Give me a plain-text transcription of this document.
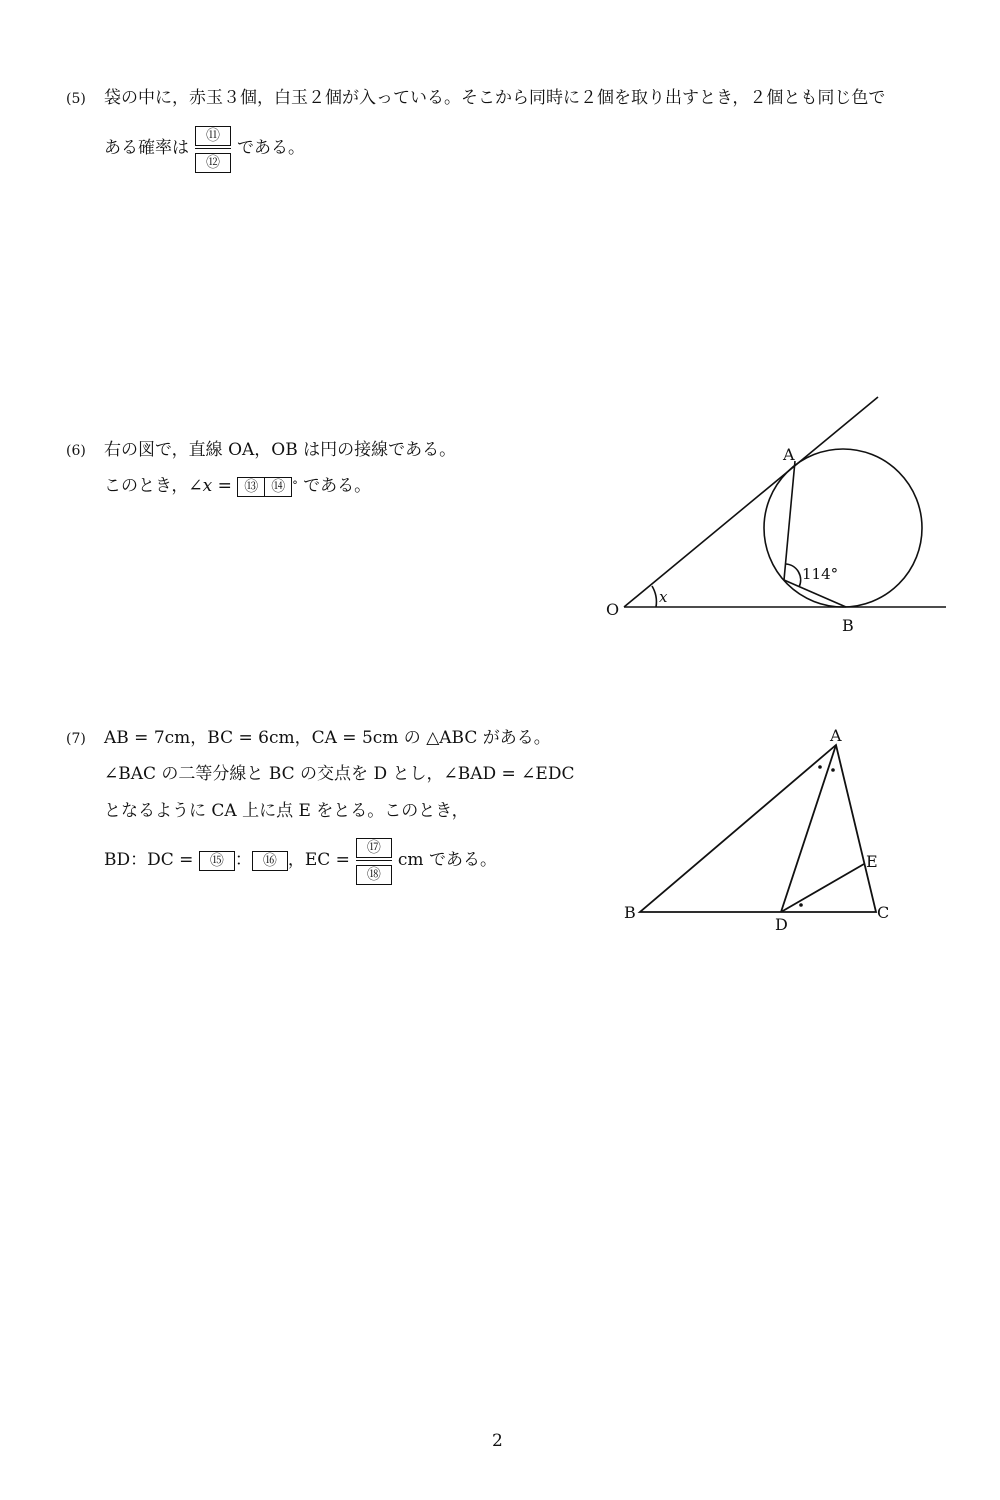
(5) 袋の中に，赤玉３個，白玉２個が入っている。そこから同時に２個を取り出すとき，２個とも同じ色で
ある確率は $\frac{\text{⑪}}{\text{⑫}}$ である。
(6) 右の図で，直線 OA，OB は円の接線である。
このとき，∠x = ⑬ ⑭ ° である。
A
B
O
x
114°
A
B	C
D
E
(7) AB = 7cm，BC = 6cm，CA = 5cm の △ABC がある。
∠BAC の二等分線と BC の交点を D とし，∠BAD = ∠EDC
となるように CA 上に点 E をとる。このとき，
BD：DC = ⑮ ： ⑯ ，EC = $\frac{\text{⑰}}{\text{⑱}}$ cm である。
2
